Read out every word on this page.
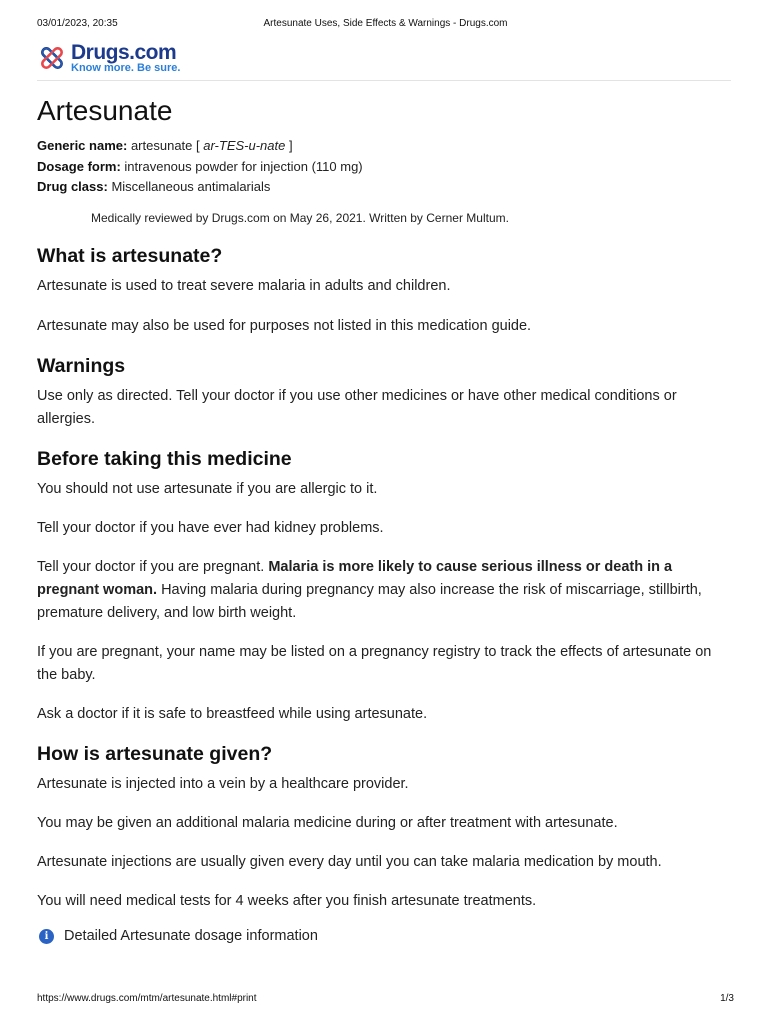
03/01/2023, 20:35	Artesunate Uses, Side Effects & Warnings - Drugs.com
Drugs.com
Know more. Be sure.
Artesunate
Generic name: artesunate [ ar-TES-u-nate ]
Dosage form: intravenous powder for injection (110 mg)
Drug class: Miscellaneous antimalarials
Medically reviewed by Drugs.com on May 26, 2021. Written by Cerner Multum.
What is artesunate?

Artesunate is used to treat severe malaria in adults and children.

Artesunate may also be used for purposes not listed in this medication guide.

Warnings

Use only as directed. Tell your doctor if you use other medicines or have other medical conditions or allergies.

Before taking this medicine

You should not use artesunate if you are allergic to it.

Tell your doctor if you have ever had kidney problems.

Tell your doctor if you are pregnant. Malaria is more likely to cause serious illness or death in a pregnant woman. Having malaria during pregnancy may also increase the risk of miscarriage, stillbirth, premature delivery, and low birth weight.

If you are pregnant, your name may be listed on a pregnancy registry to track the effects of artesunate on the baby.

Ask a doctor if it is safe to breastfeed while using artesunate.

How is artesunate given?

Artesunate is injected into a vein by a healthcare provider.

You may be given an additional malaria medicine during or after treatment with artesunate.

Artesunate injections are usually given every day until you can take malaria medication by mouth.

You will need medical tests for 4 weeks after you finish artesunate treatments.

i	Detailed Artesunate dosage information
https://www.drugs.com/mtm/artesunate.html#print	1/3
